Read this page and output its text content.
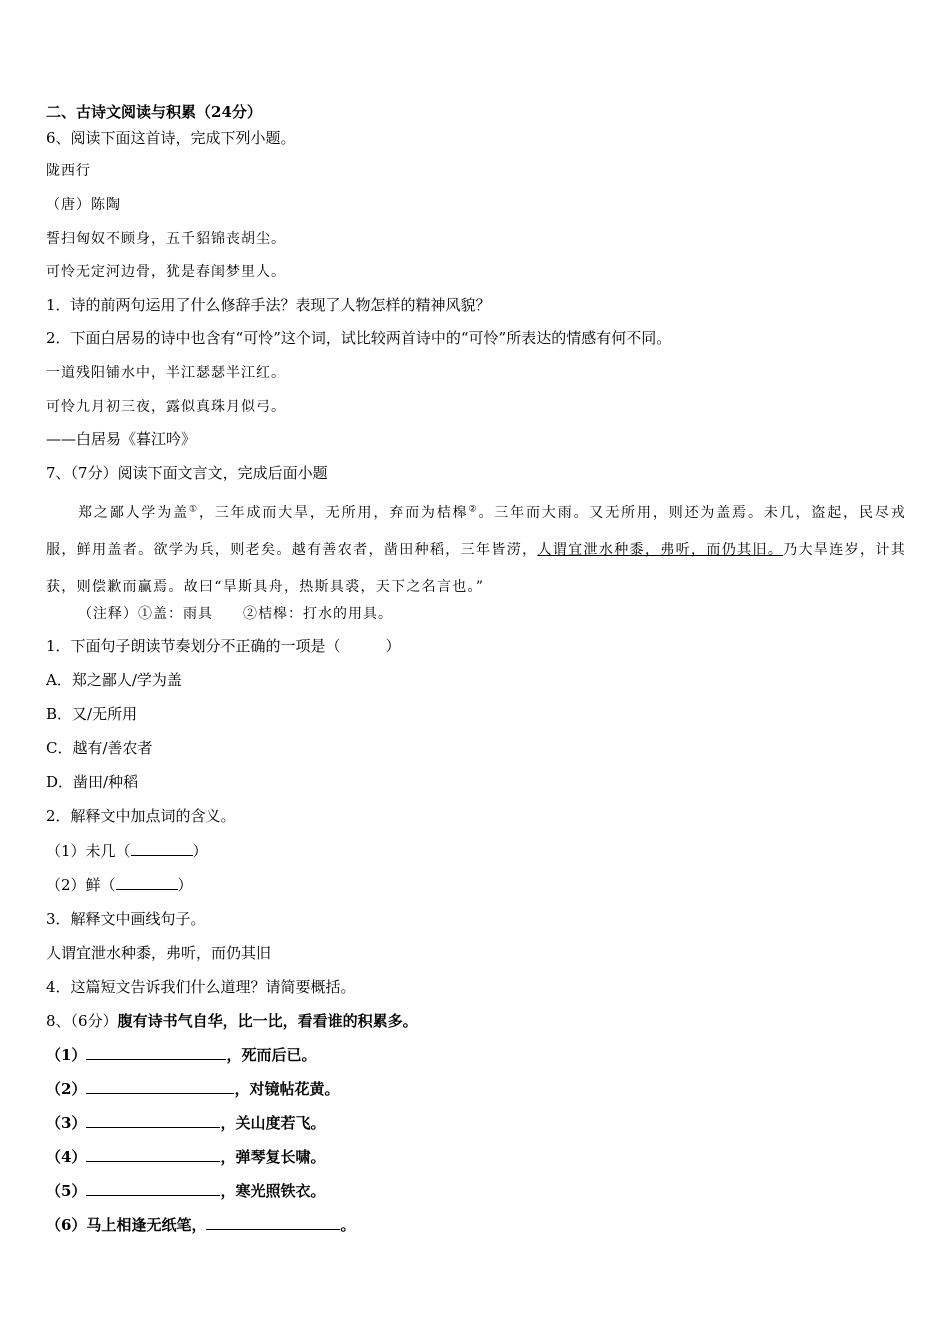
二、古诗文阅读与积累（24分）
6、阅读下面这首诗，完成下列小题。
陇西行
（唐）陈陶
誓扫匈奴不顾身，五千貂锦丧胡尘。
可怜无定河边骨，犹是春闺梦里人。
1．诗的前两句运用了什么修辞手法？表现了人物怎样的精神风貌？
2．下面白居易的诗中也含有“可怜”这个词，试比较两首诗中的“可怜”所表达的情感有何不同。
一道残阳铺水中，半江瑟瑟半江红。
可怜九月初三夜，露似真珠月似弓。
——白居易《暮江吟》
7、（7分）阅读下面文言文，完成后面小题
郑之鄙人学为盖①，三年成而大旱，无所用，弃而为桔槔②。三年而大雨。又无所用，则还为盖焉。未几，盗起，民尽戎服，鲜用盖者。欲学为兵，则老矣。越有善农者，凿田种稻，三年皆涝，人谓宜泄水种黍，弗听，而仍其旧。乃大旱连岁，计其获，则偿歉而赢焉。故曰“旱斯具舟，热斯具裘，天下之名言也。”
（注释）①盖：雨具　　②桔槔：打水的用具。
1．下面句子朗读节奏划分不正确的一项是（　　　）
A．郑之鄙人/学为盖
B．又/无所用
C．越有/善农者
D．凿田/种稻
2．解释文中加点词的含义。
（1）未几（	）
（2）鲜（	）
3．解释文中画线句子。
人谓宜泄水种黍，弗听，而仍其旧
4．这篇短文告诉我们什么道理？请简要概括。
8、（6分）腹有诗书气自华，比一比，看看谁的积累多。
（1）	，死而后已。
（2）	，对镜帖花黄。
（3）	，关山度若飞。
（4）	，弹琴复长啸。
（5）	，寒光照铁衣。
（6）马上相逢无纸笔，	。
